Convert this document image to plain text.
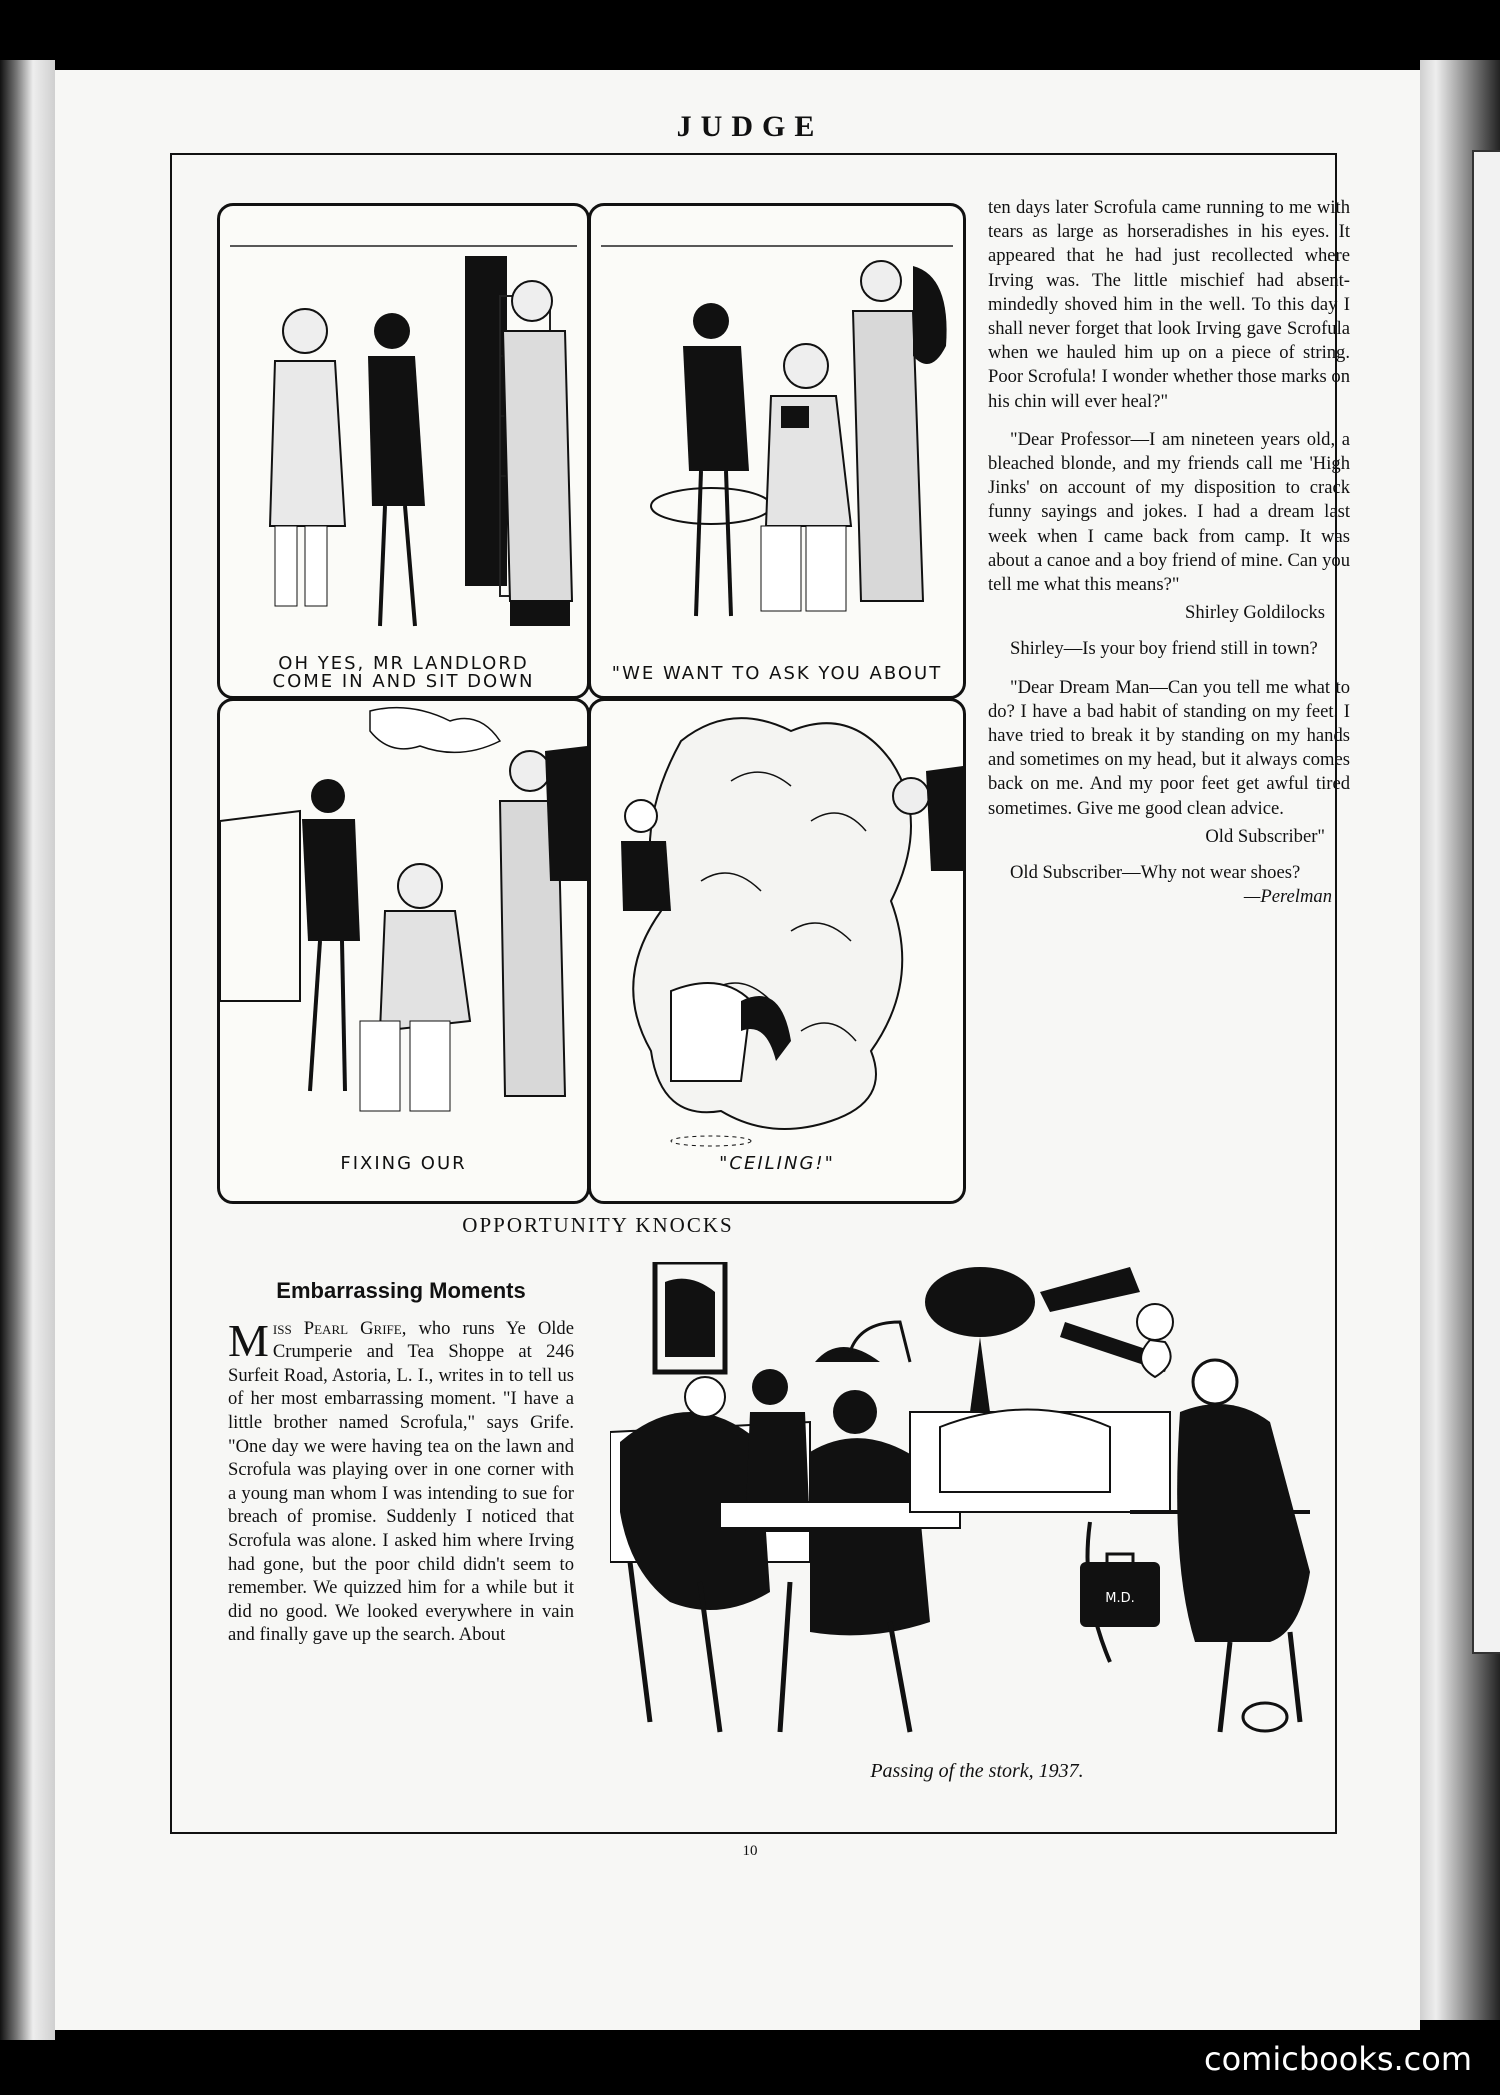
JUDGE
OH YES, MR LANDLORD
COME IN AND SIT DOWN	"WE WANT TO ASK YOU ABOUT
FIXING OUR	"CEILING!"
OPPORTUNITY KNOCKS

ten days later Scrofula came running to me with tears as large as horseradishes in his eyes. It appeared that he had just recollected where Irving was. The little mischief had absent-mindedly shoved him in the well. To this day I shall never forget that look Irving gave Scrofula when we hauled him up on a piece of string. Poor Scrofula! I wonder whether those marks on his chin will ever heal?"

"Dear Professor—I am nineteen years old, a bleached blonde, and my friends call me 'High Jinks' on account of my disposition to crack funny sayings and jokes. I had a dream last week when I came back from camp. It was about a canoe and a boy friend of mine. Can you tell me what this means?"

Shirley Goldilocks

Shirley—Is your boy friend still in town?

"Dear Dream Man—Can you tell me what to do? I have a bad habit of standing on my feet. I have tried to break it by standing on my hands and sometimes on my head, but it always comes back on me. And my poor feet get awful tired sometimes. Give me good clean advice.

Old Subscriber"

Old Subscriber—Why not wear shoes?
—Perelman

Embarrassing Moments

Miss Pearl Grife, who runs Ye Olde Crumperie and Tea Shoppe at 246 Surfeit Road, Astoria, L. I., writes in to tell us of her most embarrassing moment. "I have a little brother named Scrofula," says Grife. "One day we were having tea on the lawn and Scrofula was playing over in one corner with a young man whom I was intending to sue for breach of promise. Suddenly I noticed that Scrofula was alone. I asked him where Irving had gone, but the poor child didn't seem to remember. We quizzed him for a while but it did no good. We looked everywhere in vain and finally gave up the search. About

M.D.
Passing of the stork, 1937.
10
comicbooks.com
